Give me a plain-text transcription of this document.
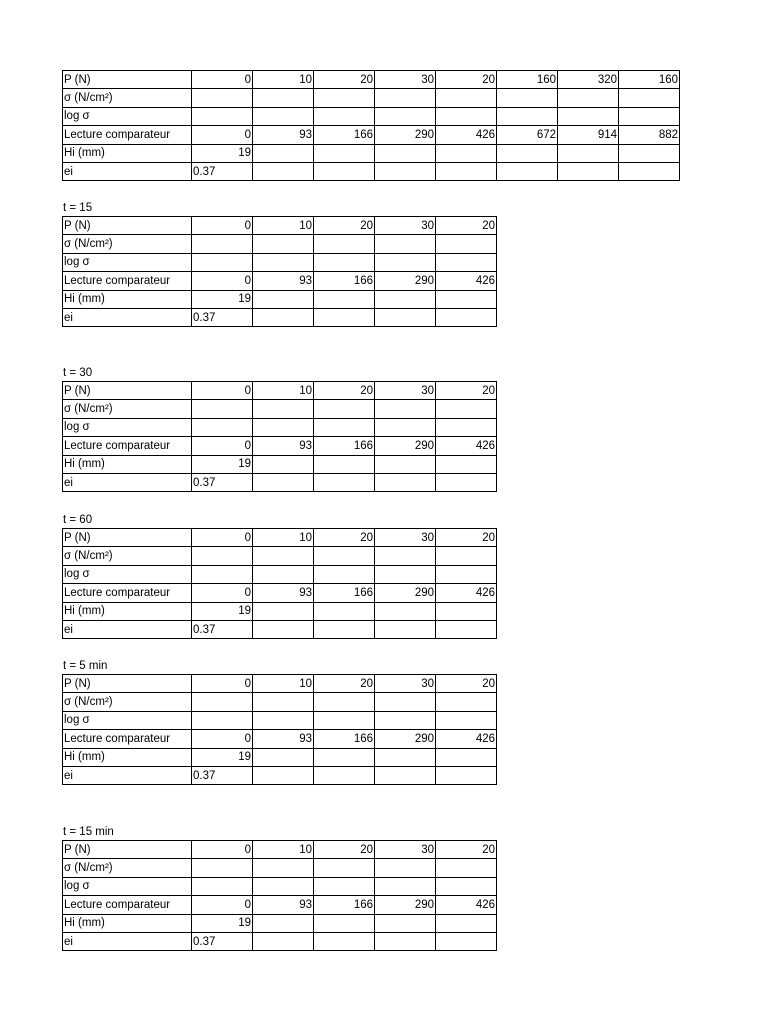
P (N)	0	10	20	30	20	160	320	160
σ (N/cm²)								
log σ								
Lecture comparateur	0	93	166	290	426	672	914	882
Hi (mm)	19							
ei	0.37							
t = 15
P (N)	0	10	20	30	20
σ (N/cm²)					
log σ					
Lecture comparateur	0	93	166	290	426
Hi (mm)	19				
ei	0.37				
t = 30
P (N)	0	10	20	30	20
σ (N/cm²)					
log σ					
Lecture comparateur	0	93	166	290	426
Hi (mm)	19				
ei	0.37				
t = 60
P (N)	0	10	20	30	20
σ (N/cm²)					
log σ					
Lecture comparateur	0	93	166	290	426
Hi (mm)	19				
ei	0.37				
t = 5 min
P (N)	0	10	20	30	20
σ (N/cm²)					
log σ					
Lecture comparateur	0	93	166	290	426
Hi (mm)	19				
ei	0.37				
t = 15 min
P (N)	0	10	20	30	20
σ (N/cm²)					
log σ					
Lecture comparateur	0	93	166	290	426
Hi (mm)	19				
ei	0.37				
